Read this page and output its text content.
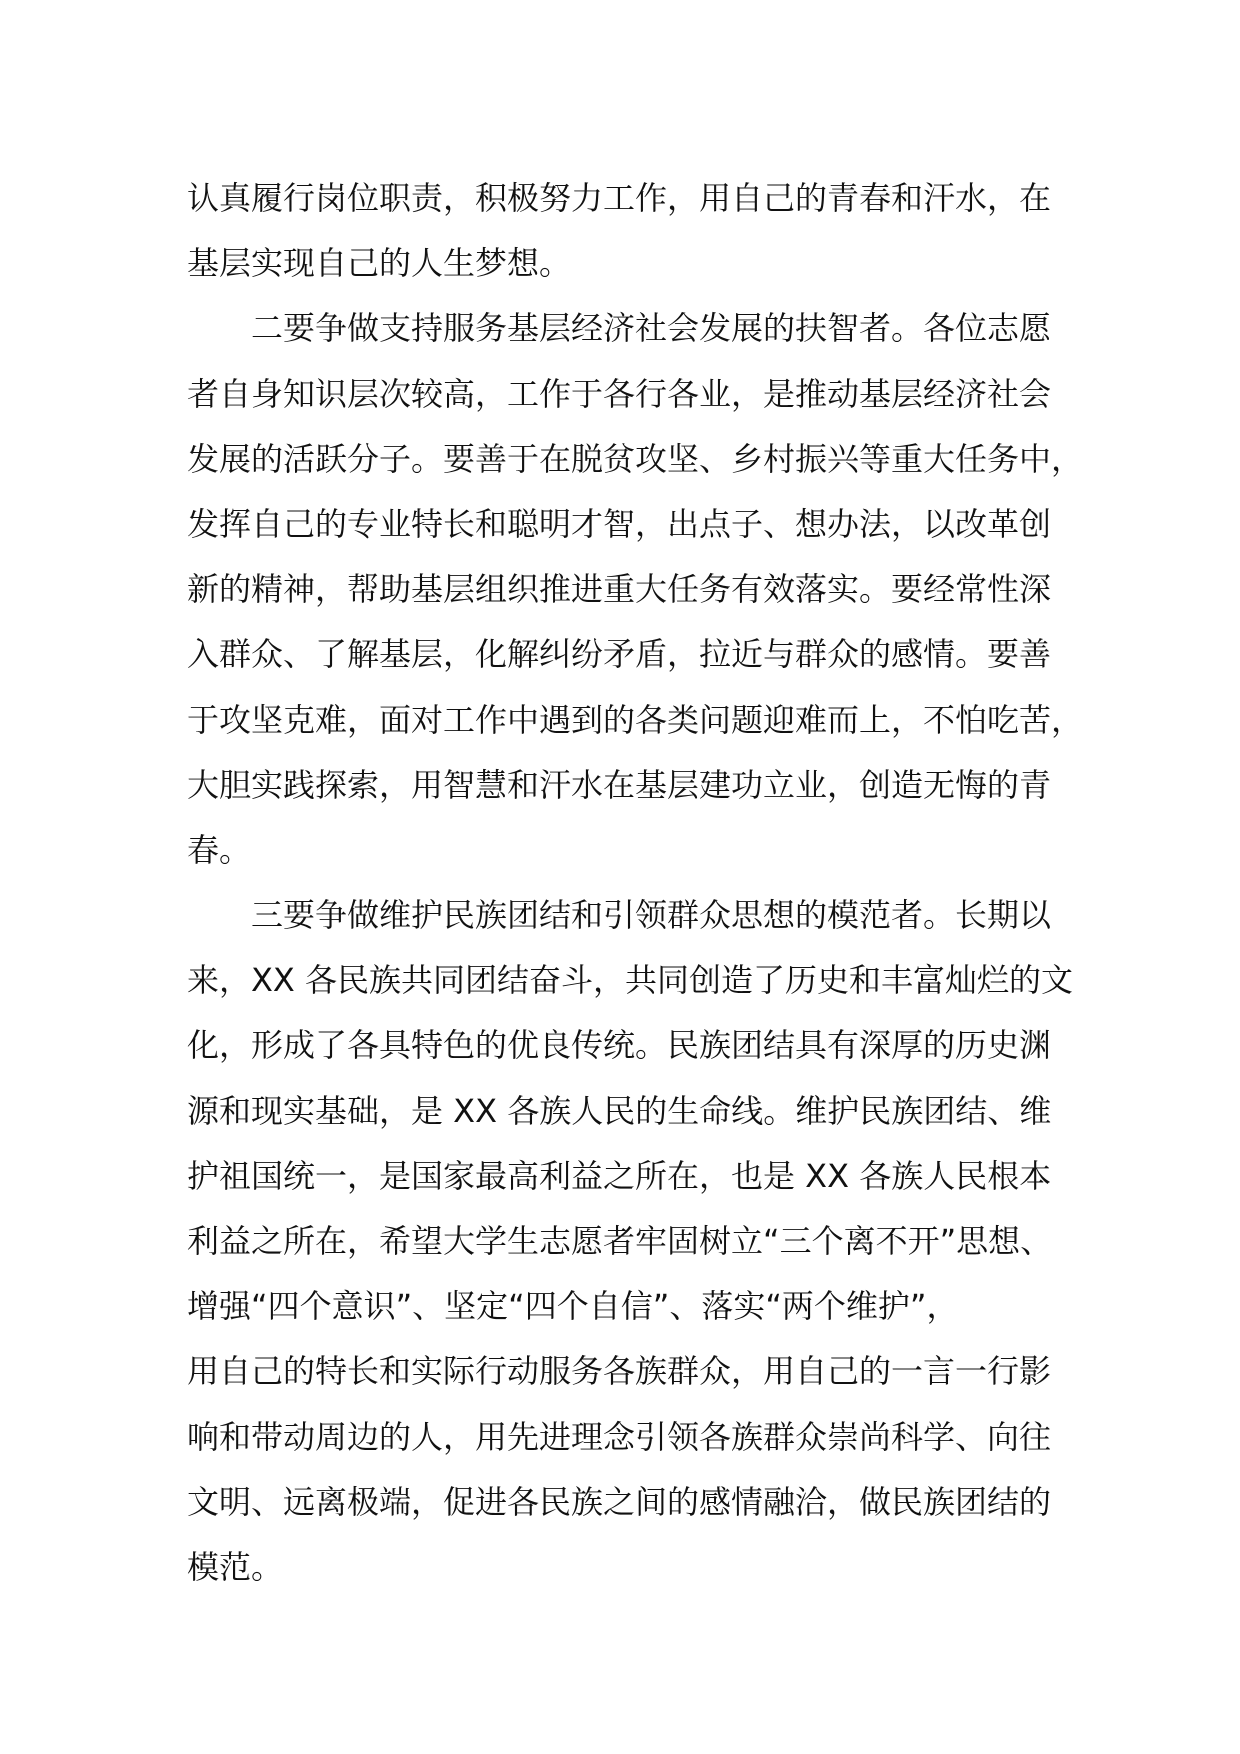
认真履行岗位职责，积极努力工作，用自己的青春和汗水，在
基层实现自己的人生梦想。
二要争做支持服务基层经济社会发展的扶智者。各位志愿
者自身知识层次较高，工作于各行各业，是推动基层经济社会
发展的活跃分子。要善于在脱贫攻坚、乡村振兴等重大任务中，
发挥自己的专业特长和聪明才智，出点子、想办法，以改革创
新的精神，帮助基层组织推进重大任务有效落实。要经常性深
入群众、了解基层，化解纠纷矛盾，拉近与群众的感情。要善
于攻坚克难，面对工作中遇到的各类问题迎难而上，不怕吃苦，
大胆实践探索，用智慧和汗水在基层建功立业，创造无悔的青
春。
三要争做维护民族团结和引领群众思想的模范者。长期以
来，XX 各民族共同团结奋斗，共同创造了历史和丰富灿烂的文
化，形成了各具特色的优良传统。民族团结具有深厚的历史渊
源和现实基础，是 XX 各族人民的生命线。维护民族团结、维
护祖国统一，是国家最高利益之所在，也是 XX 各族人民根本
利益之所在，希望大学生志愿者牢固树立“三个离不开”思想、
增强“四个意识”、坚定“四个自信”、落实“两个维护”，
用自己的特长和实际行动服务各族群众，用自己的一言一行影
响和带动周边的人，用先进理念引领各族群众崇尚科学、向往
文明、远离极端，促进各民族之间的感情融洽，做民族团结的
模范。
